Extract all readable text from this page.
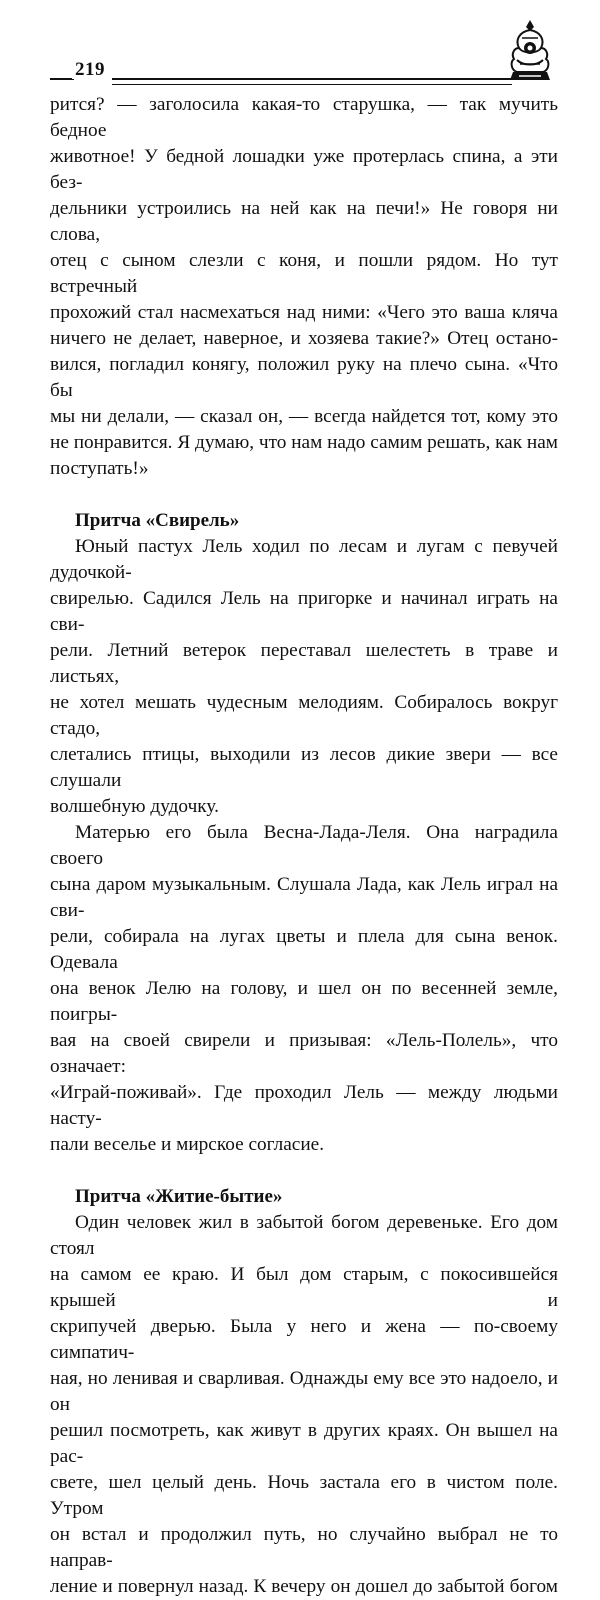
219

рится? — заголосила какая-то старушка, — так мучить бедное

животное! У бедной лошадки уже протерлась спина, а эти без-

дельники устроились на ней как на печи!» Не говоря ни слова,

отец с сыном слезли с коня, и пошли рядом. Но тут встречный

прохожий стал насмехаться над ними: «Чего это ваша кляча

ничего не делает, наверное, и хозяева такие?» Отец остано-

вился, погладил конягу, положил руку на плечо сына. «Что бы

мы ни делали, — сказал он, — всегда найдется тот, кому это

не понравится. Я думаю, что нам надо самим решать, как нам

поступать!»

Притча «Свирель»

Юный пастух Лель ходил по лесам и лугам с певучей дудочкой-

свирелью. Садился Лель на пригорке и начинал играть на сви-

рели. Летний ветерок переставал шелестеть в траве и листьях,

не хотел мешать чудесным мелодиям. Собиралось вокруг стадо,

слетались птицы, выходили из лесов дикие звери — все слушали

волшебную дудочку.

Матерью его была Весна-Лада-Леля. Она наградила своего

сына даром музыкальным. Слушала Лада, как Лель играл на сви-

рели, собирала на лугах цветы и плела для сына венок. Одевала

она венок Лелю на голову, и шел он по весенней земле, поигры-

вая на своей свирели и призывая: «Лель-Полель», что означает:

«Играй-поживай». Где проходил Лель — между людьми насту-

пали веселье и мирское согласие.

Притча «Житие-бытие»

Один человек жил в забытой богом деревеньке. Его дом стоял

на самом ее краю. И был дом старым, с покосившейся крышей и

скрипучей дверью. Была у него и жена — по-своему симпатич-

ная, но ленивая и сварливая. Однажды ему все это надоело, и он

решил посмотреть, как живут в других краях. Он вышел на рас-

свете, шел целый день. Ночь застала его в чистом поле. Утром

он встал и продолжил путь, но случайно выбрал не то направ-

ление и повернул назад. К вечеру он дошел до забытой богом
